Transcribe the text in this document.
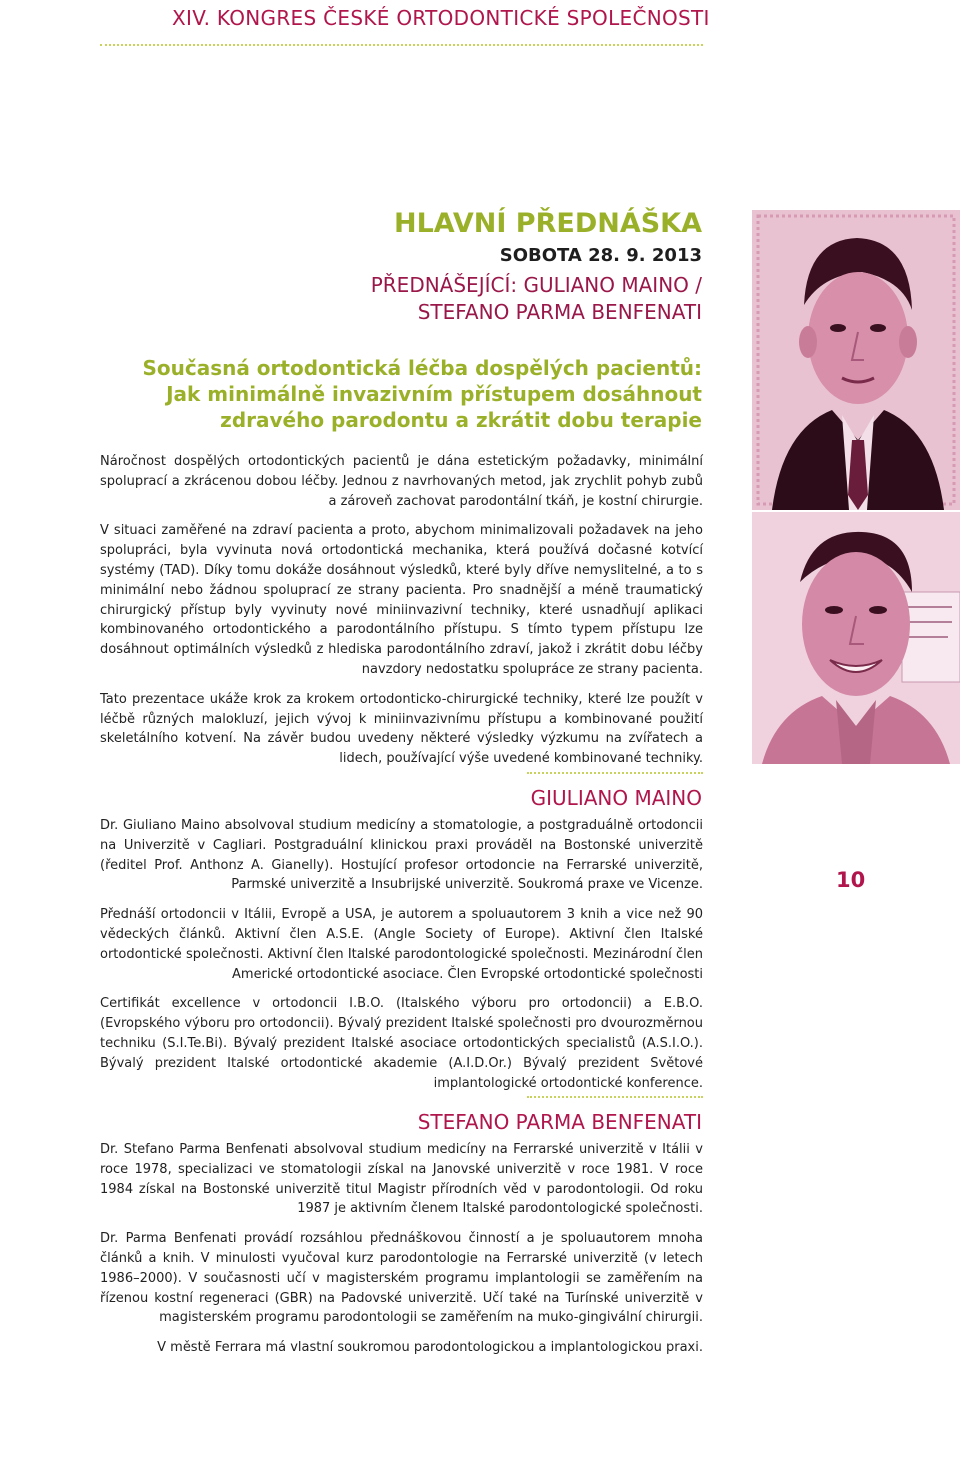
XIV. KONGRES ČESKÉ ORTODONTICKÉ SPOLEČNOSTI
HLAVNÍ PŘEDNÁŠKA
SOBOTA 28. 9. 2013
PŘEDNÁŠEJÍCÍ: GULIANO MAINO /
STEFANO PARMA BENFENATI
Současná ortodontická léčba dospělých pacientů:
Jak minimálně invazivním přístupem dosáhnout
zdravého parodontu a zkrátit dobu terapie

Náročnost dospělých ortodontických pacientů je dána estetickým požadavky, minimální spoluprací a zkrácenou dobou léčby. Jednou z navrhovaných metod, jak zrychlit pohyb zubů a zároveň zachovat parodontální tkáň, je kostní chirurgie.

V situaci zaměřené na zdraví pacienta a proto, abychom minimalizovali požadavek na jeho spolupráci, byla vyvinuta nová ortodontická mechanika, která používá dočasné kotvící systémy (TAD). Díky tomu dokáže dosáhnout výsledků, které byly dříve nemyslitelné, a to s minimální nebo žádnou spoluprací ze strany pacienta. Pro snadnější a méně traumatický chirurgický přístup byly vyvinuty nové miniinvazivní techniky, které usnadňují aplikaci kombinovaného ortodontického a parodontálního přístupu. S tímto typem přístupu lze dosáhnout optimálních výsledků z hlediska parodontálního zdraví, jakož i zkrátit dobu léčby navzdory nedostatku spolupráce ze strany pacienta.

Tato prezentace ukáže krok za krokem ortodonticko-chirurgické techniky, které lze použít v léčbě různých malokluzí, jejich vývoj k miniinvazivnímu přístupu a kombinované použití skeletálního kotvení. Na závěr budou uvedeny některé výsledky výzkumu na zvířatech a lidech, používající výše uvedené kombinované techniky.

GIULIANO MAINO

Dr. Giuliano Maino absolvoval studium medicíny a stomatologie, a postgraduálně ortodoncii na Univerzitě v Cagliari. Postgraduální klinickou praxi prováděl na Bostonské univerzitě (ředitel Prof. Anthonz A. Gianelly). Hostující profesor ortodoncie na Ferrarské univerzitě, Parmské univerzitě a Insubrijské univerzitě. Soukromá praxe ve Vicenze.

Přednáší ortodoncii v Itálii, Evropě a USA, je autorem a spoluautorem 3 knih a vice než 90 vědeckých článků. Aktivní člen A.S.E. (Angle Society of Europe). Aktivní člen Italské ortodontické společnosti. Aktivní člen Italské parodontologické společnosti. Mezinárodní člen Americké ortodontické asociace. Člen Evropské ortodontické společnosti

Certifikát excellence v ortodoncii I.B.O. (Italského výboru pro ortodoncii) a E.B.O. (Evropského výboru pro ortodoncii). Bývalý prezident Italské společnosti pro dvourozměrnou techniku (S.I.Te.Bi). Bývalý prezident Italské asociace ortodontických specialistů (A.S.I.O.). Bývalý prezident Italské ortodontické akademie (A.I.D.Or.) Bývalý prezident Světové implantologické ortodontické konference.

STEFANO PARMA BENFENATI

Dr. Stefano Parma Benfenati absolvoval studium medicíny na Ferrarské univerzitě v Itálii v roce 1978, specializaci ve stomatologii získal na Janovské univerzitě v roce 1981. V roce 1984 získal na Bostonské univerzitě titul Magistr přírodních věd v parodontologii. Od roku 1987 je aktivním členem Italské parodontologické společnosti.

Dr. Parma Benfenati provádí rozsáhlou přednáškovou činností a je spoluautorem mnoha článků a knih. V minulosti vyučoval kurz parodontologie na Ferrarské univerzitě (v letech 1986–2000). V současnosti učí v magisterském programu implantologii se zaměřením na řízenou kostní regeneraci (GBR) na Padovské univerzitě. Učí také na Turínské univerzitě v magisterském programu parodontologii se zaměřením na muko-gingivální chirurgii.

V městě Ferrara má vlastní soukromou parodontologickou a implantologickou praxi.

10
